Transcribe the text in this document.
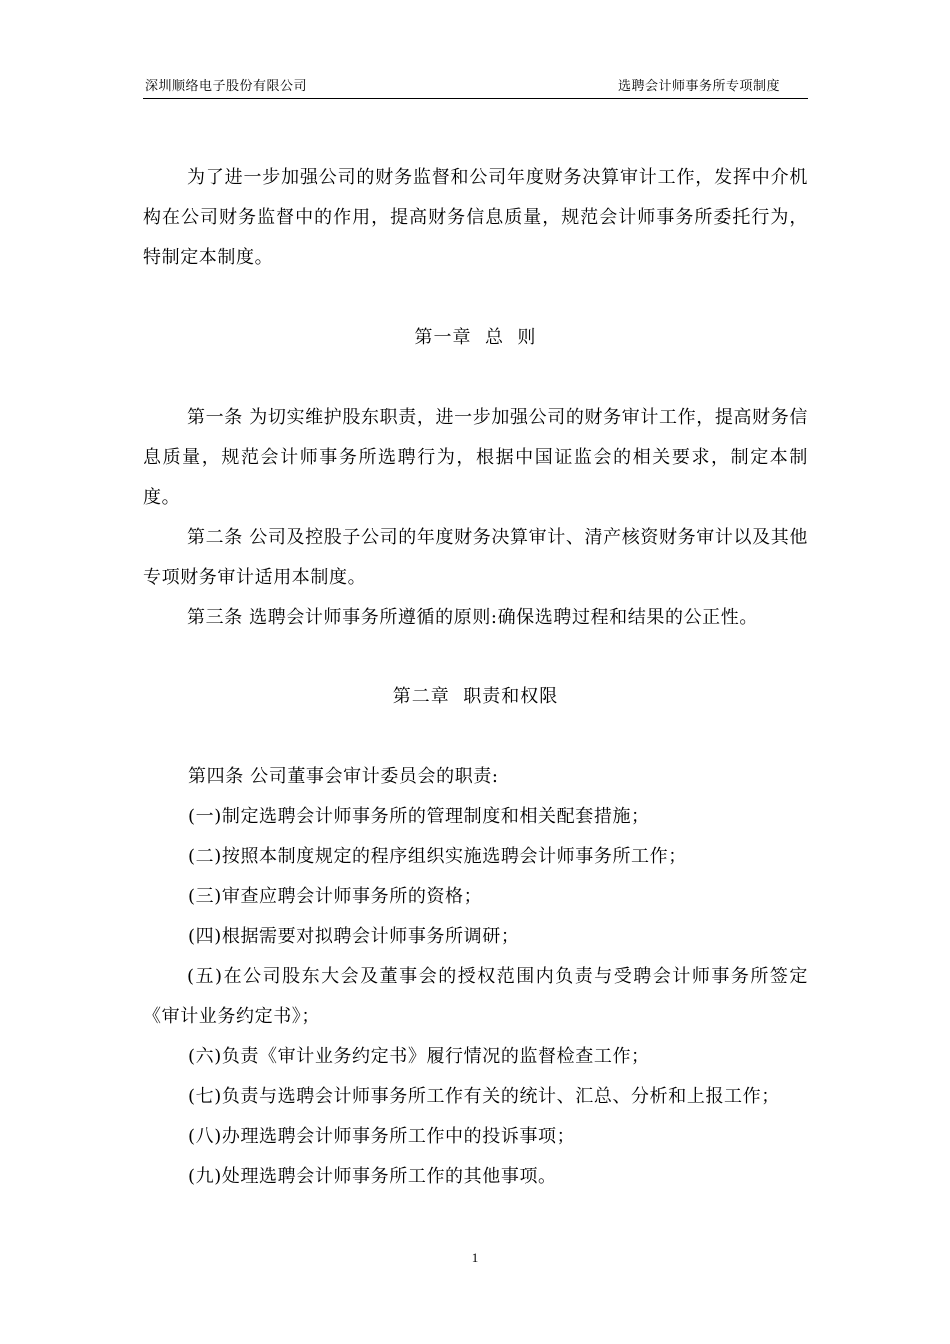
深圳顺络电子股份有限公司	选聘会计师事务所专项制度

为了进一步加强公司的财务监督和公司年度财务决算审计工作，发挥中介机构在公司财务监督中的作用，提高财务信息质量，规范会计师事务所委托行为，特制定本制度。

第一章  总  则

第一条 为切实维护股东职责，进一步加强公司的财务审计工作，提高财务信息质量，规范会计师事务所选聘行为，根据中国证监会的相关要求，制定本制度。

第二条 公司及控股子公司的年度财务决算审计、清产核资财务审计以及其他专项财务审计适用本制度。

第三条 选聘会计师事务所遵循的原则:确保选聘过程和结果的公正性。

第二章  职责和权限

第四条 公司董事会审计委员会的职责:

(一)制定选聘会计师事务所的管理制度和相关配套措施；

(二)按照本制度规定的程序组织实施选聘会计师事务所工作；

(三)审查应聘会计师事务所的资格；

(四)根据需要对拟聘会计师事务所调研；

(五)在公司股东大会及董事会的授权范围内负责与受聘会计师事务所签定《审计业务约定书》；

(六)负责《审计业务约定书》履行情况的监督检查工作；

(七)负责与选聘会计师事务所工作有关的统计、汇总、分析和上报工作；

(八)办理选聘会计师事务所工作中的投诉事项；

(九)处理选聘会计师事务所工作的其他事项。

1
